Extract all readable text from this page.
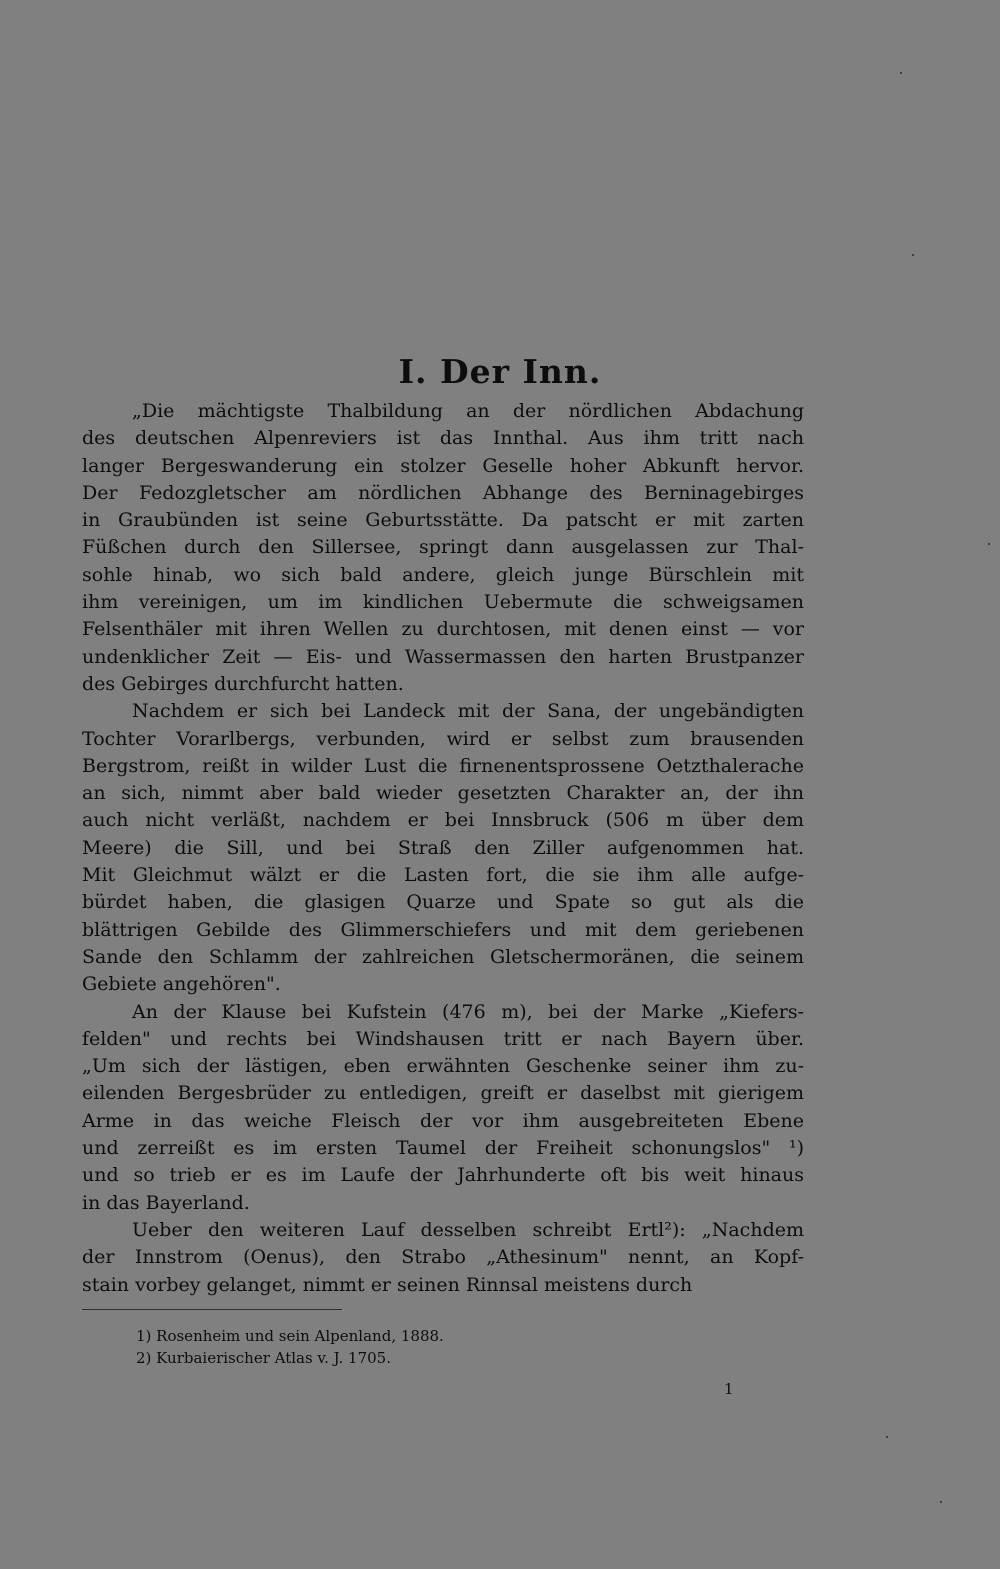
I. Der Inn.
„Die mächtigste Thalbildung an der nördlichen Abdachung
des deutschen Alpenreviers ist das Innthal. Aus ihm tritt nach
langer Bergeswanderung ein stolzer Geselle hoher Abkunft hervor.
Der Fedozgletscher am nördlichen Abhange des Berninagebirges
in Graubünden ist seine Geburtsstätte. Da patscht er mit zarten
Füßchen durch den Sillersee, springt dann ausgelassen zur Thal-
sohle hinab, wo sich bald andere, gleich junge Bürschlein mit
ihm vereinigen, um im kindlichen Uebermute die schweigsamen
Felsenthäler mit ihren Wellen zu durchtosen, mit denen einst — vor
undenklicher Zeit — Eis- und Wassermassen den harten Brustpanzer
des Gebirges durchfurcht hatten.
Nachdem er sich bei Landeck mit der Sana, der ungebändigten
Tochter Vorarlbergs, verbunden, wird er selbst zum brausenden
Bergstrom, reißt in wilder Lust die firnenentsprossene Oetzthalerache
an sich, nimmt aber bald wieder gesetzten Charakter an, der ihn
auch nicht verläßt, nachdem er bei Innsbruck (506 m über dem
Meere) die Sill, und bei Straß den Ziller aufgenommen hat.
Mit Gleichmut wälzt er die Lasten fort, die sie ihm alle aufge-
bürdet haben, die glasigen Quarze und Spate so gut als die
blättrigen Gebilde des Glimmerschiefers und mit dem geriebenen
Sande den Schlamm der zahlreichen Gletschermoränen, die seinem
Gebiete angehören".
An der Klause bei Kufstein (476 m), bei der Marke „Kiefers-
felden" und rechts bei Windshausen tritt er nach Bayern über.
„Um sich der lästigen, eben erwähnten Geschenke seiner ihm zu-
eilenden Bergesbrüder zu entledigen, greift er daselbst mit gierigem
Arme in das weiche Fleisch der vor ihm ausgebreiteten Ebene
und zerreißt es im ersten Taumel der Freiheit schonungslos" ¹)
und so trieb er es im Laufe der Jahrhunderte oft bis weit hinaus
in das Bayerland.
Ueber den weiteren Lauf desselben schreibt Ertl²): „Nachdem
der Innstrom (Oenus), den Strabo „Athesinum" nennt, an Kopf-
stain vorbey gelanget, nimmt er seinen Rinnsal meistens durch
1) Rosenheim und sein Alpenland, 1888.
2) Kurbaierischer Atlas v. J. 1705.
1
